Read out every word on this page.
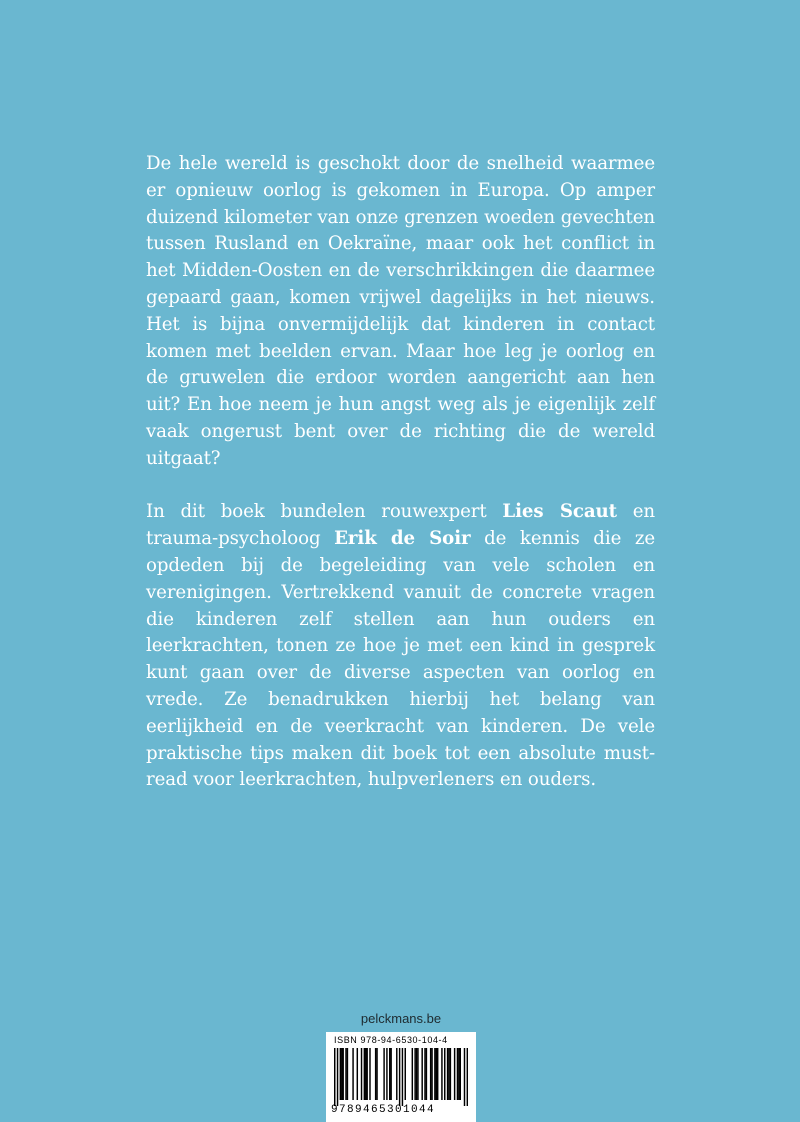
De hele wereld is geschokt door de snelheid waarmee er opnieuw oorlog is gekomen in Europa. Op amper duizend kilometer van onze grenzen woeden gevechten tussen Rusland en Oekraïne, maar ook het conflict in het Midden-Oosten en de verschrikkingen die daarmee gepaard gaan, komen vrijwel dagelijks in het nieuws. Het is bijna onvermijdelijk dat kinderen in contact komen met beelden ervan. Maar hoe leg je oorlog en de gruwelen die erdoor worden aangericht aan hen uit? En hoe neem je hun angst weg als je eigenlijk zelf vaak ongerust bent over de richting die de wereld uitgaat?

In dit boek bundelen rouwexpert Lies Scaut en trauma-psycholoog Erik de Soir de kennis die ze opdeden bij de begeleiding van vele scholen en verenigingen. Vertrekkend vanuit de concrete vragen die kinderen zelf stellen aan hun ouders en leerkrachten, tonen ze hoe je met een kind in gesprek kunt gaan over de diverse aspecten van oorlog en vrede. Ze benadrukken hierbij het belang van eerlijkheid en de veerkracht van kinderen. De vele praktische tips maken dit boek tot een absolute must-read voor leerkrachten, hulpverleners en ouders.

pelckmans.be
ISBN 978-94-6530-104-4
9789465301044
